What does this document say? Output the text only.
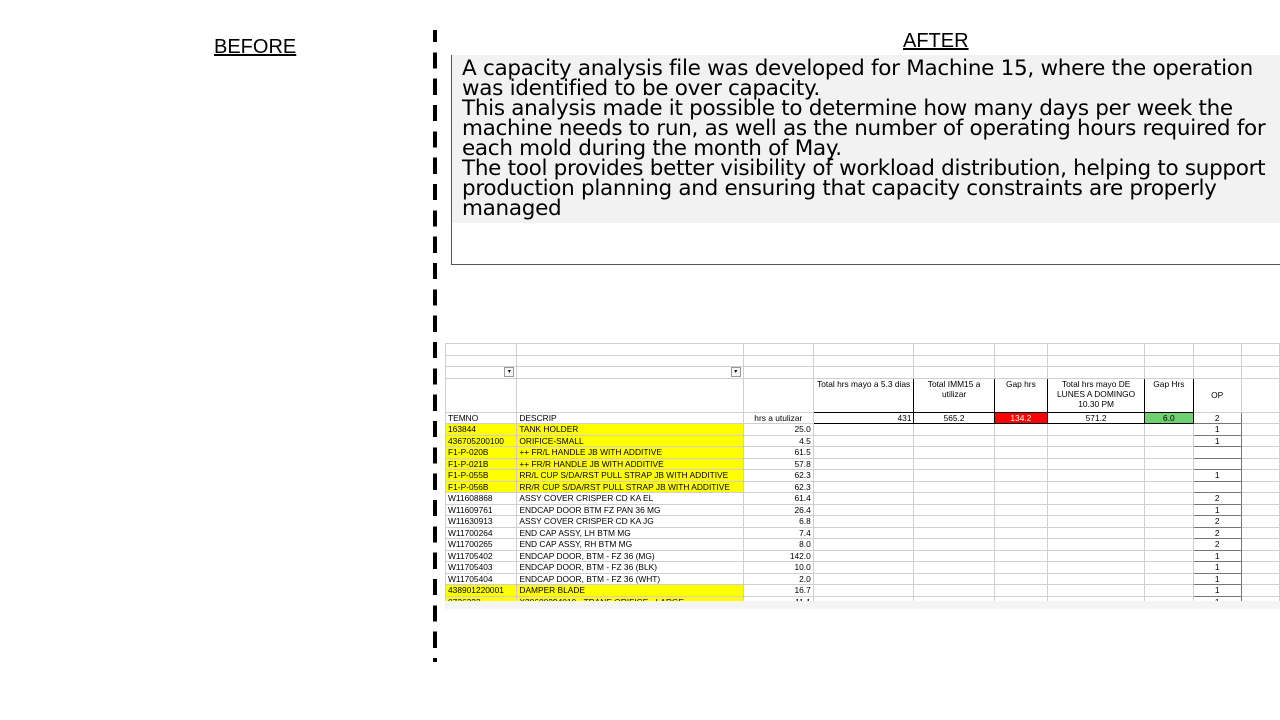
BEFORE	AFTER

A capacity analysis file was developed for Machine 15, where the operation was identified to be over capacity.

This analysis made it possible to determine how many days per week the machine needs to run, as well as the number of operating hours required for each mold during the month of May.

The tool provides better visibility of workload distribution, helping to support production planning and ensuring that capacity constraints are properly managed

▾	▾								

			Total hrs mayo a 5.3 dias	Total IMM15 a utilizar	Gap hrs	Total hrs mayo DE LUNES A DOMINGO 10.30 PM	Gap Hrs	OP	
TEMNO	DESCRIP	hrs a utulizar	431	565.2	134.2	571.2	6.0	2	
163844	TANK HOLDER	25.0						1	
436705200100	ORIFICE-SMALL	4.5						1	
F1-P-020B	++ FR/L HANDLE JB WITH ADDITIVE	61.5							
F1-P-021B	++ FR/R HANDLE JB WITH ADDITIVE	57.8							
F1-P-055B	RR/L CUP S/DA/RST PULL STRAP JB WITH ADDITIVE	62.3						1	
F1-P-056B	RR/R CUP S/DA/RST PULL STRAP JB WITH ADDITIVE	62.3							
W11608868	ASSY COVER CRISPER CD KA EL	61.4						2	
W11609761	ENDCAP DOOR BTM FZ PAN 36 MG	26.4						1	
W11630913	ASSY COVER CRISPER CD KA JG	6.8						2	
W11700264	END CAP ASSY, LH BTM MG	7.4						2	
W11700265	END CAP ASSY, RH BTM MG	8.0						2	
W11705402	ENDCAP DOOR, BTM - FZ 36 (MG)	142.0						1	
W11705403	ENDCAP DOOR, BTM - FZ 36 (BLK)	10.0						1	
W11705404	ENDCAP DOOR, BTM - FZ 36 (WHT)	2.0						1	
438901220001	DAMPER BLADE	16.7						1	
